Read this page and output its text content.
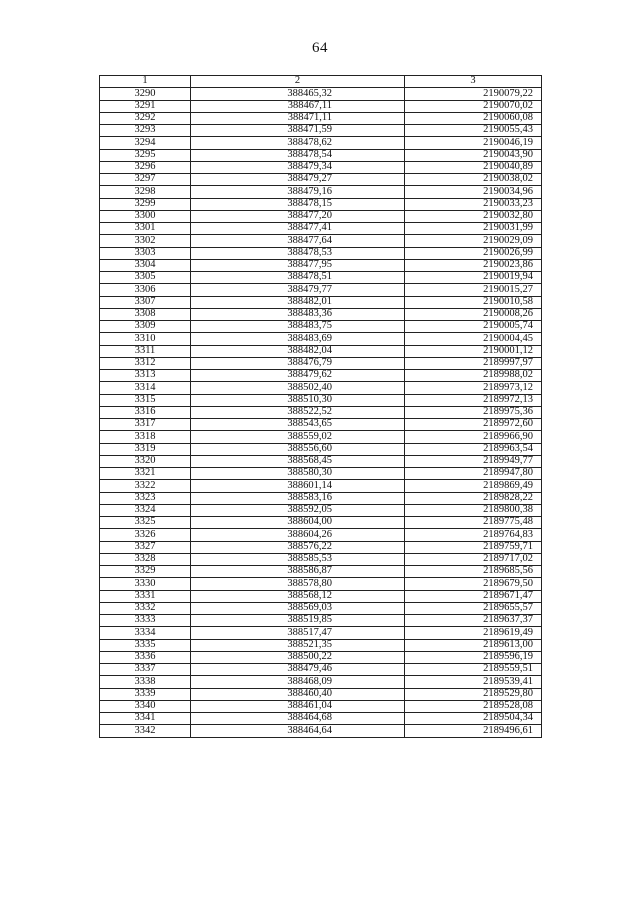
64
1	2	3
3290	388465,32	2190079,22
3291	388467,11	2190070,02
3292	388471,11	2190060,08
3293	388471,59	2190055,43
3294	388478,62	2190046,19
3295	388478,54	2190043,90
3296	388479,34	2190040,89
3297	388479,27	2190038,02
3298	388479,16	2190034,96
3299	388478,15	2190033,23
3300	388477,20	2190032,80
3301	388477,41	2190031,99
3302	388477,64	2190029,09
3303	388478,53	2190026,99
3304	388477,95	2190023,86
3305	388478,51	2190019,94
3306	388479,77	2190015,27
3307	388482,01	2190010,58
3308	388483,36	2190008,26
3309	388483,75	2190005,74
3310	388483,69	2190004,45
3311	388482,04	2190001,12
3312	388476,79	2189997,97
3313	388479,62	2189988,02
3314	388502,40	2189973,12
3315	388510,30	2189972,13
3316	388522,52	2189975,36
3317	388543,65	2189972,60
3318	388559,02	2189966,90
3319	388556,60	2189963,54
3320	388568,45	2189949,77
3321	388580,30	2189947,80
3322	388601,14	2189869,49
3323	388583,16	2189828,22
3324	388592,05	2189800,38
3325	388604,00	2189775,48
3326	388604,26	2189764,83
3327	388576,22	2189759,71
3328	388585,53	2189717,02
3329	388586,87	2189685,56
3330	388578,80	2189679,50
3331	388568,12	2189671,47
3332	388569,03	2189655,57
3333	388519,85	2189637,37
3334	388517,47	2189619,49
3335	388521,35	2189613,00
3336	388500,22	2189596,19
3337	388479,46	2189559,51
3338	388468,09	2189539,41
3339	388460,40	2189529,80
3340	388461,04	2189528,08
3341	388464,68	2189504,34
3342	388464,64	2189496,61
